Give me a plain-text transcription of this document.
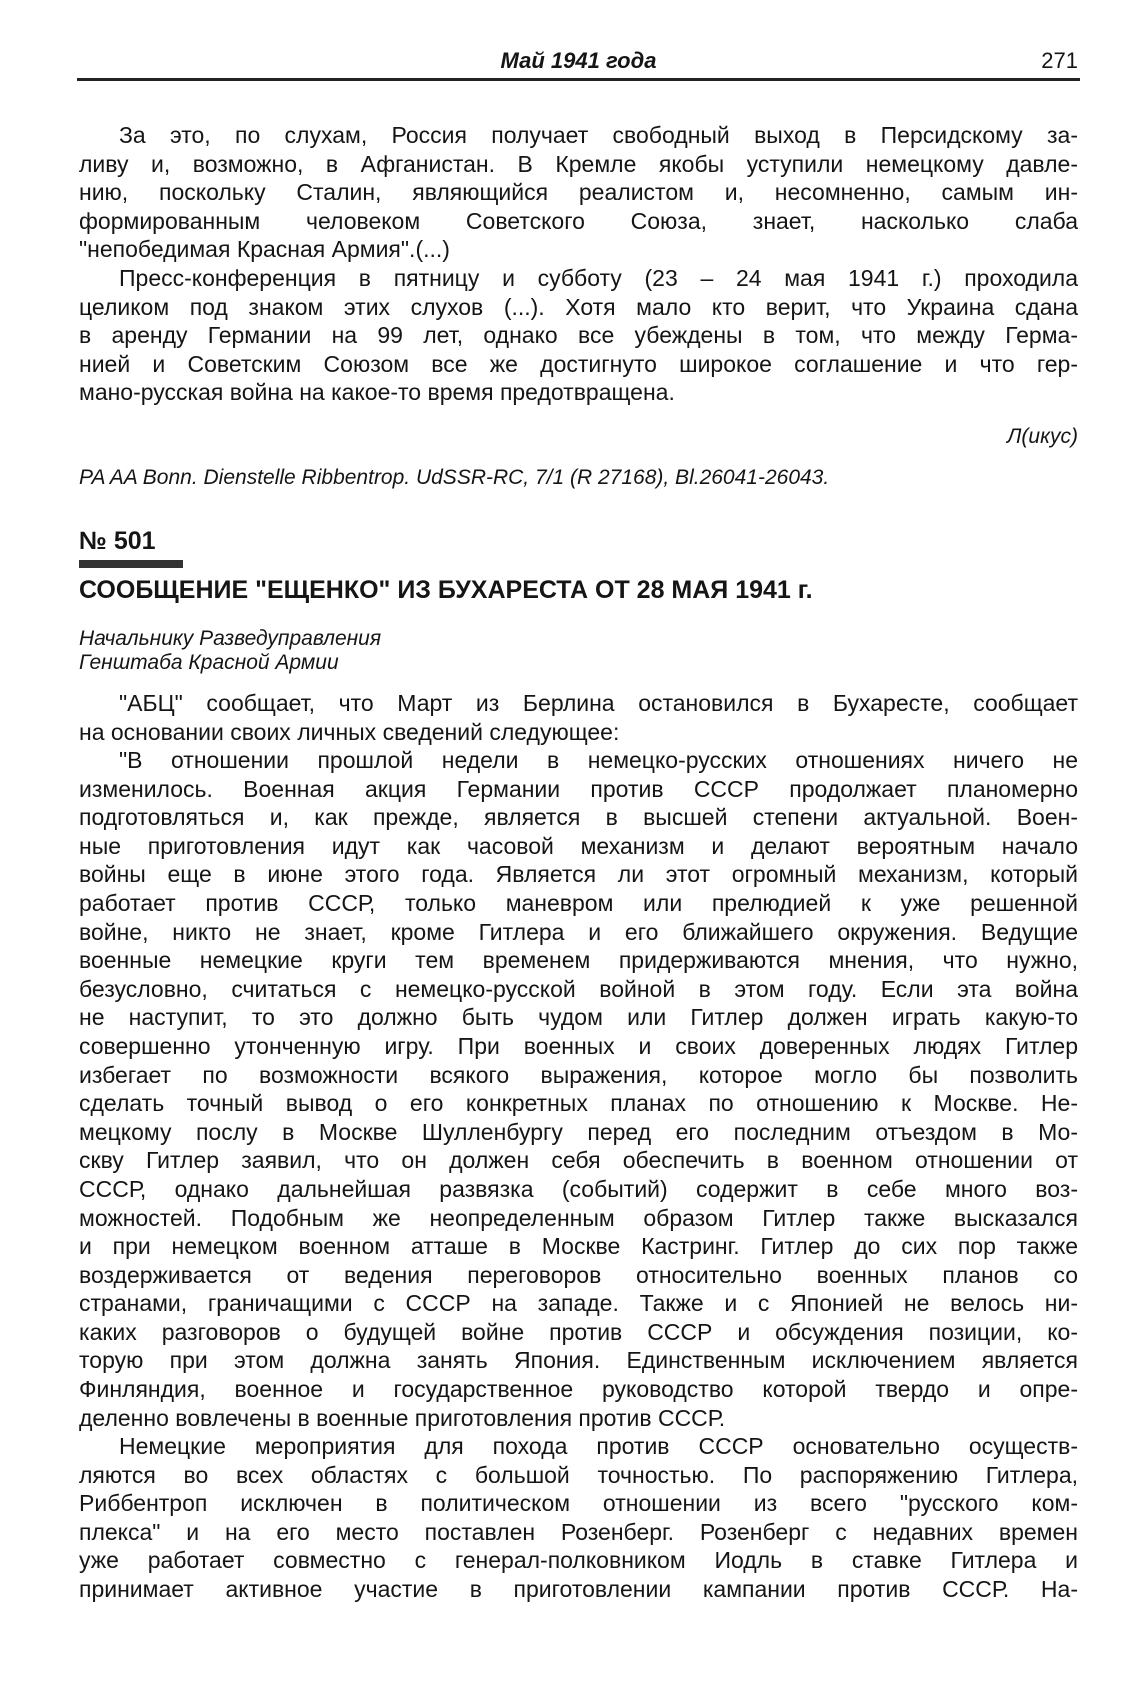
Май 1941 года	271
За это, по слухам, Россия получает свободный выход в Персидскому за-
ливу и, возможно, в Афганистан. В Кремле якобы уступили немецкому давле-
нию, поскольку Сталин, являющийся реалистом и, несомненно, самым ин-
формированным человеком Советского Союза, знает, насколько слаба
"непобедимая Красная Армия".(...)
Пресс-конференция в пятницу и субботу (23 – 24 мая 1941 г.) проходила
целиком под знаком этих слухов (...). Хотя мало кто верит, что Украина сдана
в аренду Германии на 99 лет, однако все убеждены в том, что между Герма-
нией и Советским Союзом все же достигнуто широкое соглашение и что гер-
мано-русская война на какое-то время предотвращена.
Л(икус)
PA AA Bonn. Dienstelle Ribbentrop. UdSSR-RC, 7/1 (R 27168), Bl.26041-26043.
№ 501
СООБЩЕНИЕ "ЕЩЕНКО" ИЗ БУХАРЕСТА ОТ 28 МАЯ 1941 г.
Начальнику Разведуправления
Генштаба Красной Армии
"АБЦ" сообщает, что Март из Берлина остановился в Бухаресте, сообщает
на основании своих личных сведений следующее:
"В отношении прошлой недели в немецко-русских отношениях ничего не
изменилось. Военная акция Германии против СССР продолжает планомерно
подготовляться и, как прежде, является в высшей степени актуальной. Воен-
ные приготовления идут как часовой механизм и делают вероятным начало
войны еще в июне этого года. Является ли этот огромный механизм, который
работает против СССР, только маневром или прелюдией к уже решенной
войне, никто не знает, кроме Гитлера и его ближайшего окружения. Ведущие
военные немецкие круги тем временем придерживаются мнения, что нужно,
безусловно, считаться с немецко-русской войной в этом году. Если эта война
не наступит, то это должно быть чудом или Гитлер должен играть какую-то
совершенно утонченную игру. При военных и своих доверенных людях Гитлер
избегает по возможности всякого выражения, которое могло бы позволить
сделать точный вывод о его конкретных планах по отношению к Москве. Не-
мецкому послу в Москве Шулленбургу перед его последним отъездом в Мо-
скву Гитлер заявил, что он должен себя обеспечить в военном отношении от
СССР, однако дальнейшая развязка (событий) содержит в себе много воз-
можностей. Подобным же неопределенным образом Гитлер также высказался
и при немецком военном атташе в Москве Кастринг. Гитлер до сих пор также
воздерживается от ведения переговоров относительно военных планов со
странами, граничащими с СССР на западе. Также и с Японией не велось ни-
каких разговоров о будущей войне против СССР и обсуждения позиции, ко-
торую при этом должна занять Япония. Единственным исключением является
Финляндия, военное и государственное руководство которой твердо и опре-
деленно вовлечены в военные приготовления против СССР.
Немецкие мероприятия для похода против СССР основательно осуществ-
ляются во всех областях с большой точностью. По распоряжению Гитлера,
Риббентроп исключен в политическом отношении из всего "русского ком-
плекса" и на его место поставлен Розенберг. Розенберг с недавних времен
уже работает совместно с генерал-полковником Иодль в ставке Гитлера и
принимает активное участие в приготовлении кампании против СССР. На-
